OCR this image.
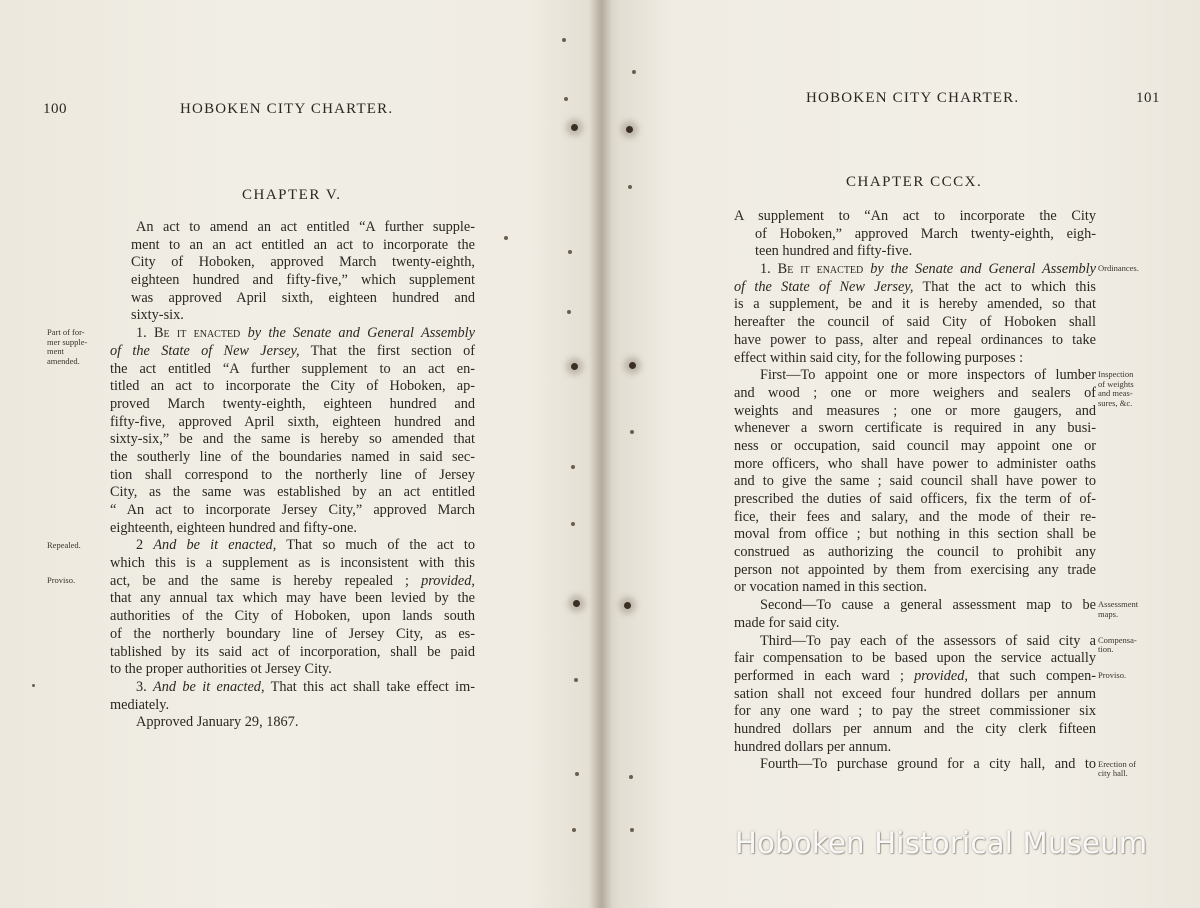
100	HOBOKEN CITY CHARTER.
CHAPTER V.
An act to amend an act entitled “A further supple-
ment to an an act entitled an act to incorporate the
City of Hoboken, approved March twenty-eighth,
eighteen hundred and fifty-five,” which supplement
was approved April sixth, eighteen hundred and
sixty-six.
1. Be it enacted by the Senate and General Assembly
of the State of New Jersey, That the first section of
the act entitled “A further supplement to an act en-
titled an act to incorporate the City of Hoboken, ap-
proved March twenty-eighth, eighteen hundred and
fifty-five, approved April sixth, eighteen hundred and
sixty-six,” be and the same is hereby so amended that
the southerly line of the boundaries named in said sec-
tion shall correspond to the northerly line of Jersey
City, as the same was established by an act entitled
“ An act to incorporate Jersey City,” approved March
eighteenth, eighteen hundred and fifty-one.
2 And be it enacted, That so much of the act to
which this is a supplement as is inconsistent with this
act, be and the same is hereby repealed ; provided,
that any annual tax which may have been levied by the
authorities of the City of Hoboken, upon lands south
of the northerly boundary line of Jersey City, as es-
tablished by its said act of incorporation, shall be paid
to the proper authorities ot Jersey City.
3. And be it enacted, That this act shall take effect im-
mediately.
Approved January 29, 1867.
Part of for-
mer supple-
ment
amended.
Repealed.
Proviso.
HOBOKEN CITY CHARTER.	101
CHAPTER CCCX.
A supplement to “An act to incorporate the City
of Hoboken,” approved March twenty-eighth, eigh-
teen hundred and fifty-five.
1. Be it enacted by the Senate and General Assembly
of the State of New Jersey, That the act to which this
is a supplement, be and it is hereby amended, so that
hereafter the council of said City of Hoboken shall
have power to pass, alter and repeal ordinances to take
effect within said city, for the following purposes :
First—To appoint one or more inspectors of lumber
and wood ; one or more weighers and sealers of
weights and measures ; one or more gaugers, and
whenever a sworn certificate is required in any busi-
ness or occupation, said council may appoint one or
more officers, who shall have power to administer oaths
and to give the same ; said council shall have power to
prescribed the duties of said officers, fix the term of of-
fice, their fees and salary, and the mode of their re-
moval from office ; but nothing in this section shall be
construed as authorizing the council to prohibit any
person not appointed by them from exercising any trade
or vocation named in this section.
Second—To cause a general assessment map to be
made for said city.
Third—To pay each of the assessors of said city a
fair compensation to be based upon the service actually
performed in each ward ; provided, that such compen-
sation shall not exceed four hundred dollars per annum
for any one ward ; to pay the street commissioner six
hundred dollars per annum and the city clerk fifteen
hundred dollars per annum.
Fourth—To purchase ground for a city hall, and to
Ordinances.
Inspection
of weights
and meas-
sures, &c.
Assessment
maps.
Compensa-
tion.
Proviso.
Erection of
city hall.
Hoboken Historical Museum
